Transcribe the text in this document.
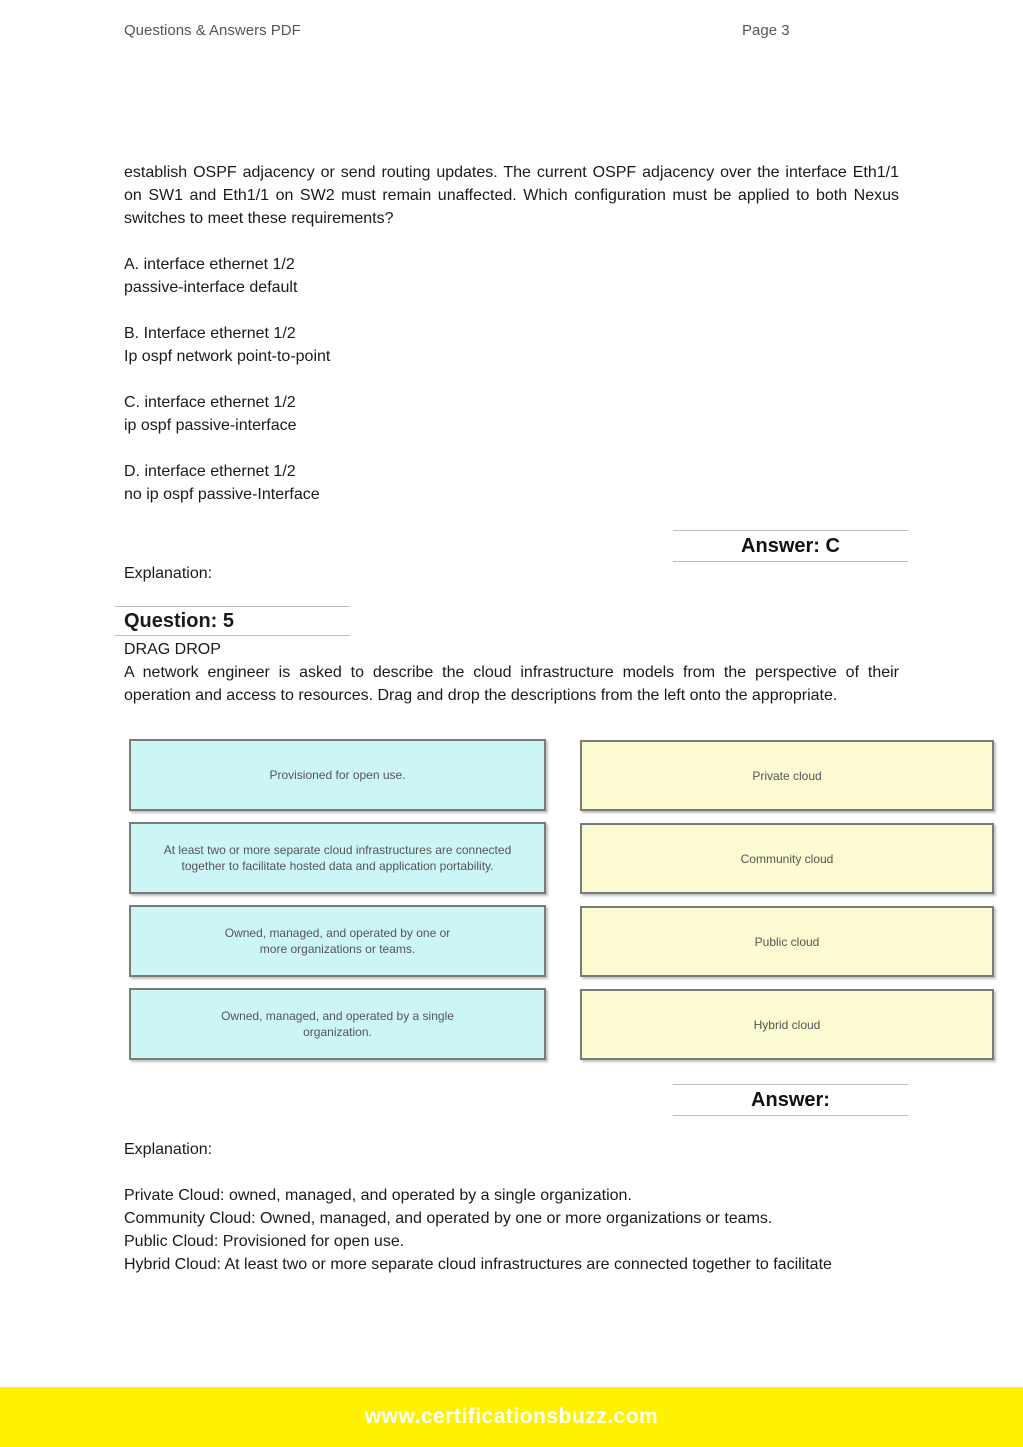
Questions & Answers PDF	Page 3
establish OSPF adjacency or send routing updates. The current OSPF adjacency over the interface Eth1/1 on SW1 and Eth1/1 on SW2 must remain unaffected. Which configuration must be applied to both Nexus switches to meet these requirements?

A. interface ethernet 1/2

passive-interface default

B. Interface ethernet 1/2

Ip ospf network point-to-point

C. interface ethernet 1/2

ip ospf passive-interface

D. interface ethernet 1/2

no ip ospf passive-Interface

Answer: C
Explanation:
Question: 5
DRAG DROP
A network engineer is asked to describe the cloud infrastructure models from the perspective of their operation and access to resources. Drag and drop the descriptions from the left onto the appropriate.
Provisioned for open use.
At least two or more separate cloud infrastructures are connected
together to facilitate hosted data and application portability.
Owned, managed, and operated by one or
more organizations or teams.
Owned, managed, and operated by a single
organization.
Private cloud
Community cloud
Public cloud
Hybrid cloud
Answer:
Explanation:

Private Cloud: owned, managed, and operated by a single organization.

Community Cloud: Owned, managed, and operated by one or more organizations or teams.

Public Cloud: Provisioned for open use.

Hybrid Cloud: At least two or more separate cloud infrastructures are connected together to facilitate

www.certificationsbuzz.com
